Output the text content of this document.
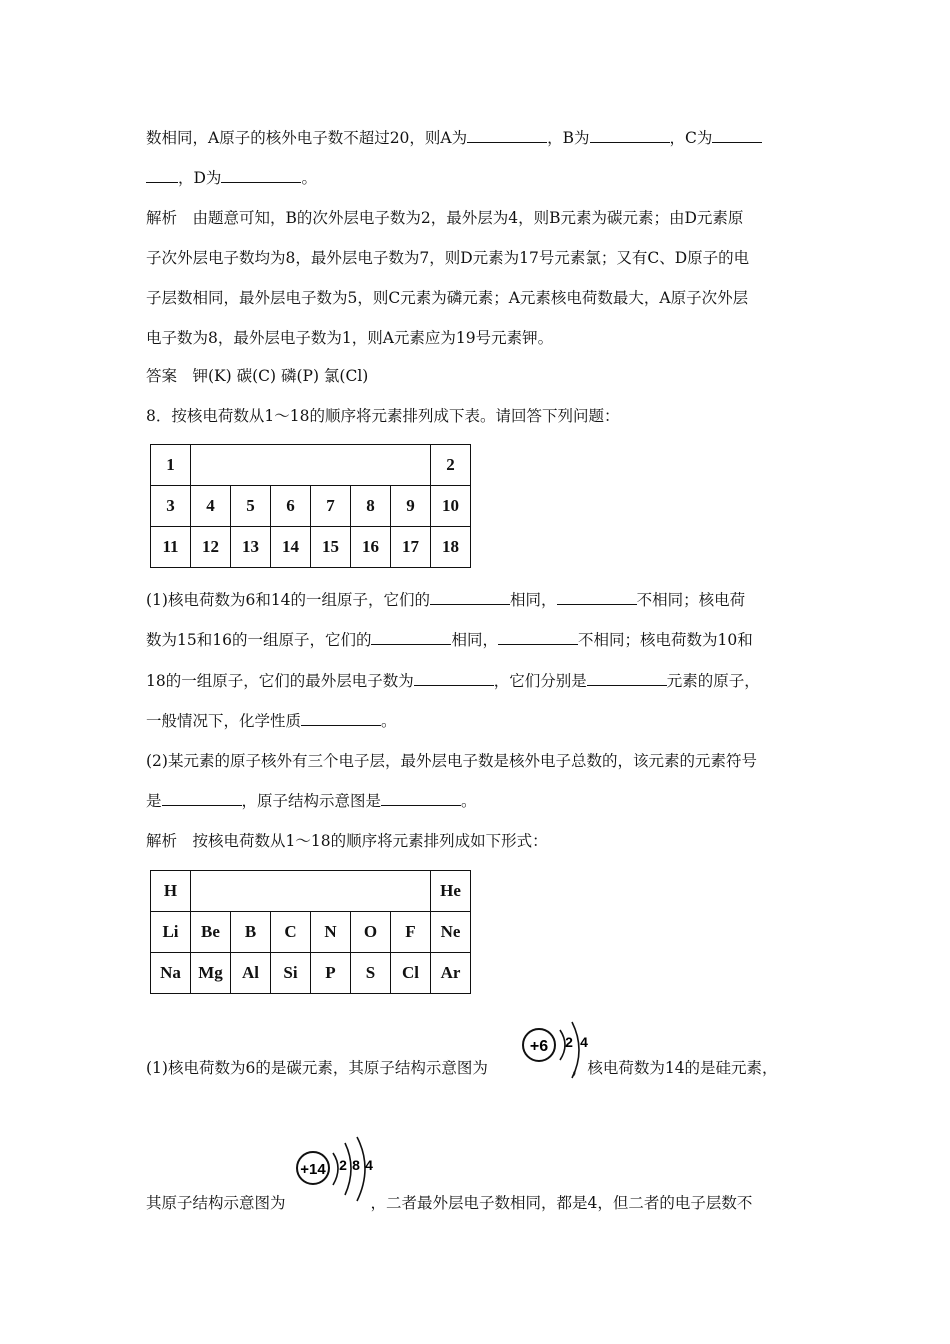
数相同，A原子的核外电子数不超过20，则A为	，B为	，C为
，D为	。
解析　由题意可知，B的次外层电子数为2，最外层为4，则B元素为碳元素；由D元素原
子次外层电子数均为8，最外层电子数为7，则D元素为17号元素氯；又有C、D原子的电
子层数相同，最外层电子数为5，则C元素为磷元素；A元素核电荷数最大，A原子次外层
电子数为8，最外层电子数为1，则A元素应为19号元素钾。
答案　钾(K) 碳(C) 磷(P) 氯(Cl)
8．按核电荷数从1～18的顺序将元素排列成下表。请回答下列问题：
1							2
3	4	5	6	7	8	9	10
11	12	13	14	15	16	17	18
(1)核电荷数为6和14的一组原子，它们的	相同，	不相同；核电荷
数为15和16的一组原子，它们的	相同，	不相同；核电荷数为10和
18的一组原子，它们的最外层电子数为	，它们分别是	元素的原子，
一般情况下，化学性质	。
(2)某元素的原子核外有三个电子层，最外层电子数是核外电子总数的，该元素的元素符号
是	，原子结构示意图是	。
解析　按核电荷数从1～18的顺序将元素排列成如下形式：
H							He
Li	Be	B	C	N	O	F	Ne
Na	Mg	Al	Si	P	S	Cl	Ar
+6 2 4
(1)核电荷数为6的是碳元素，其原子结构示意图为	，核电荷数为14的是硅元素，
+14 2 8 4
其原子结构示意图为	，二者最外层电子数相同，都是4，但二者的电子层数不
